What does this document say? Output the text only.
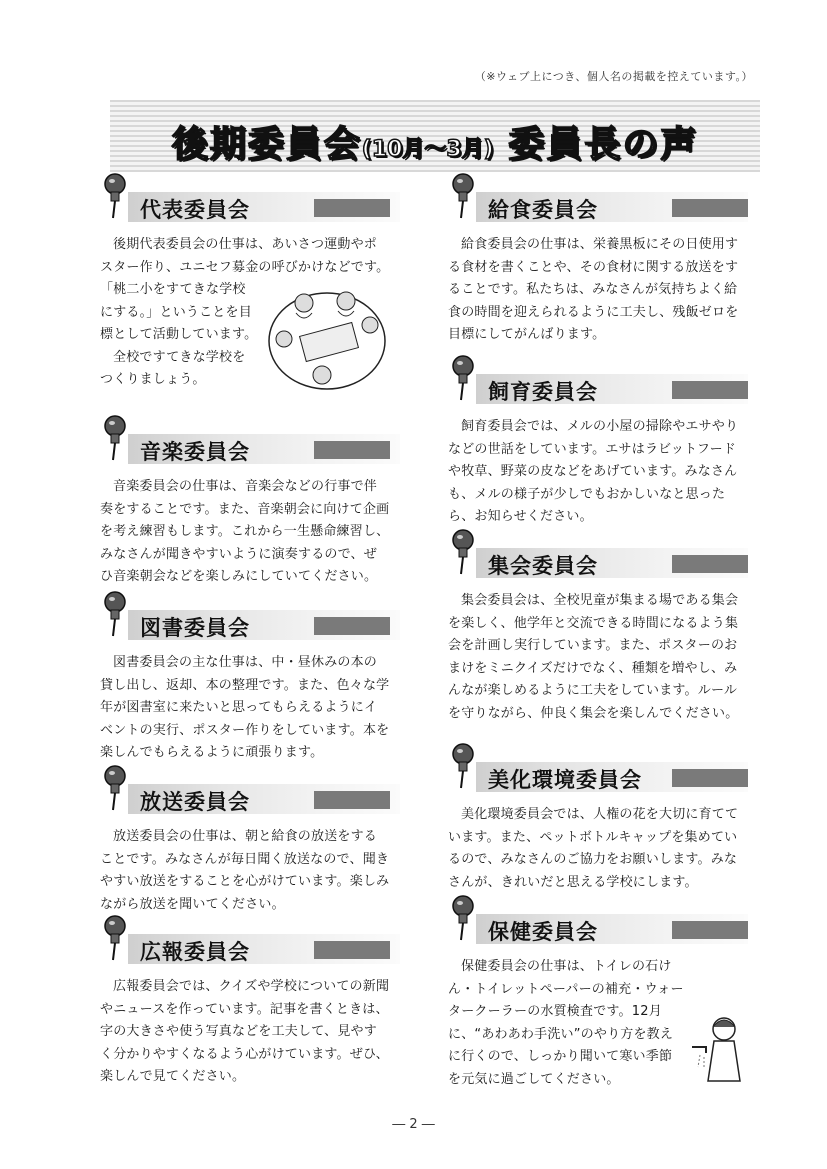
（※ウェブ上につき、個人名の掲載を控えています。）
後期委員会(10月～3月) 委員長の声
代表委員会

後期代表委員会の仕事は、あいさつ運動やポスター作り、ユニセフ募金の呼びかけなどです。

「桃二小をすてきな学校にする。」ということを目標として活動しています。

全校ですてきな学校をつくりましょう。

音楽委員会

音楽委員会の仕事は、音楽会などの行事で伴奏をすることです。また、音楽朝会に向けて企画を考え練習もします。これから一生懸命練習し、みなさんが聞きやすいように演奏するので、ぜひ音楽朝会などを楽しみにしていてください。

図書委員会

図書委員会の主な仕事は、中・昼休みの本の貸し出し、返却、本の整理です。また、色々な学年が図書室に来たいと思ってもらえるようにイベントの実行、ポスター作りをしています。本を楽しんでもらえるように頑張ります。

放送委員会

放送委員会の仕事は、朝と給食の放送をすることです。みなさんが毎日聞く放送なので、聞きやすい放送をすることを心がけています。楽しみながら放送を聞いてください。

広報委員会

広報委員会では、クイズや学校についての新聞やニュースを作っています。記事を書くときは、字の大きさや使う写真などを工夫して、見やすく分かりやすくなるよう心がけています。ぜひ、楽しんで見てください。

給食委員会

給食委員会の仕事は、栄養黒板にその日使用する食材を書くことや、その食材に関する放送をすることです。私たちは、みなさんが気持ちよく給食の時間を迎えられるように工夫し、残飯ゼロを目標にしてがんばります。

飼育委員会

飼育委員会では、メルの小屋の掃除やエサやりなどの世話をしています。エサはラビットフードや牧草、野菜の皮などをあげています。みなさんも、メルの様子が少しでもおかしいなと思ったら、お知らせください。

集会委員会

集会委員会は、全校児童が集まる場である集会を楽しく、他学年と交流できる時間になるよう集会を計画し実行しています。また、ポスターのおまけをミニクイズだけでなく、種類を増やし、みんなが楽しめるように工夫をしています。ルールを守りながら、仲良く集会を楽しんでください。

美化環境委員会

美化環境委員会では、人権の花を大切に育てています。また、ペットボトルキャップを集めているので、みなさんのご協力をお願いします。みなさんが、きれいだと思える学校にします。

保健委員会

保健委員会の仕事は、トイレの石けん・トイレットペーパーの補充・ウォータークーラーの水質検査です。12月に、“あわあわ手洗い”のやり方を教えに行くので、しっかり聞いて寒い季節を元気に過ごしてください。

― 2 ―
